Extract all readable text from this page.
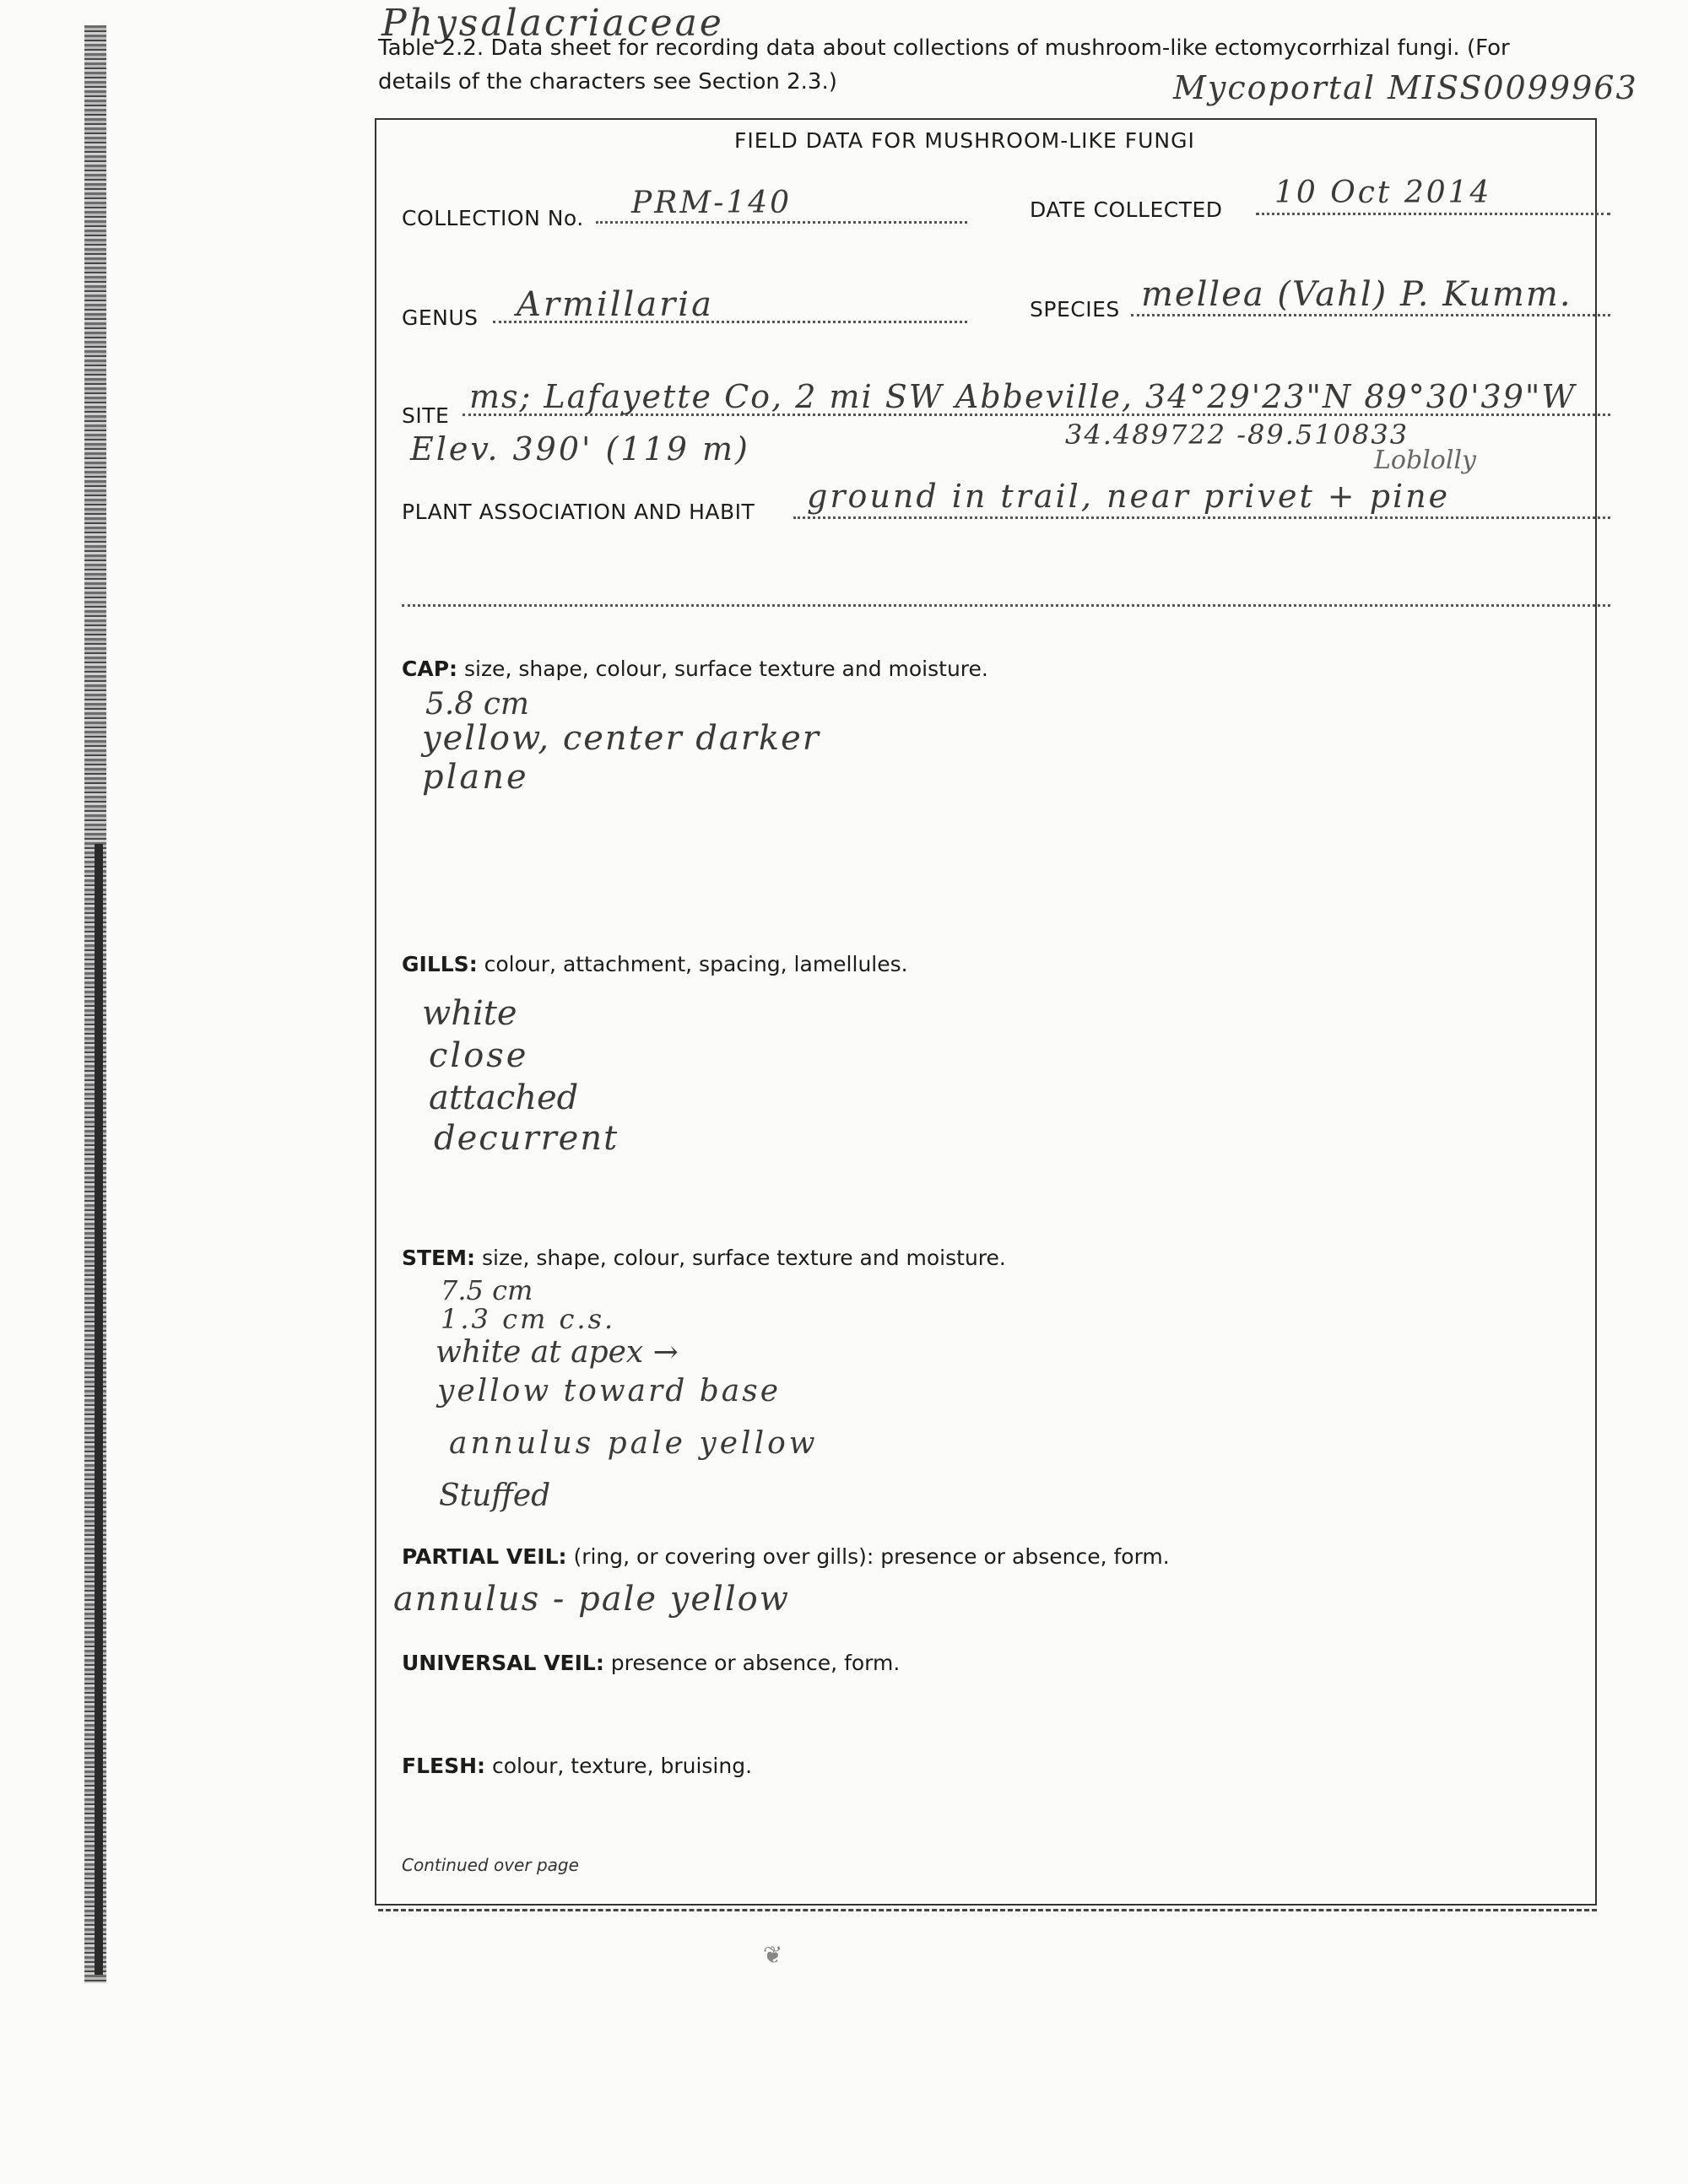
Physalacriaceae
Table 2.2. Data sheet for recording data about collections of mushroom-like ectomycorrhizal fungi. (For
details of the characters see Section 2.3.)	Mycoportal MISS0099963
FIELD DATA FOR MUSHROOM-LIKE FUNGI
COLLECTION No. PRM-140	DATE COLLECTED 10 Oct 2014
GENUS Armillaria	SPECIES mellea (Vahl) P. Kumm.
SITE
ms; Lafayette Co, 2 mi SW Abbeville, 34°29'23"N 89°30'39"W
Elev. 390' (119 m)	34.489722 -89.510833
Loblolly
PLANT ASSOCIATION AND HABIT ground in trail, near privet + pine
CAP: size, shape, colour, surface texture and moisture.
5.8 cm
yellow, center darker
plane
GILLS: colour, attachment, spacing, lamellules.
white
close
attached
decurrent
STEM: size, shape, colour, surface texture and moisture.
7.5 cm
1.3 cm c.s.
white at apex →
yellow toward base
annulus pale yellow
Stuffed
PARTIAL VEIL: (ring, or covering over gills): presence or absence, form.
annulus - pale yellow
UNIVERSAL VEIL: presence or absence, form.
FLESH: colour, texture, bruising.
Continued over page
❦
